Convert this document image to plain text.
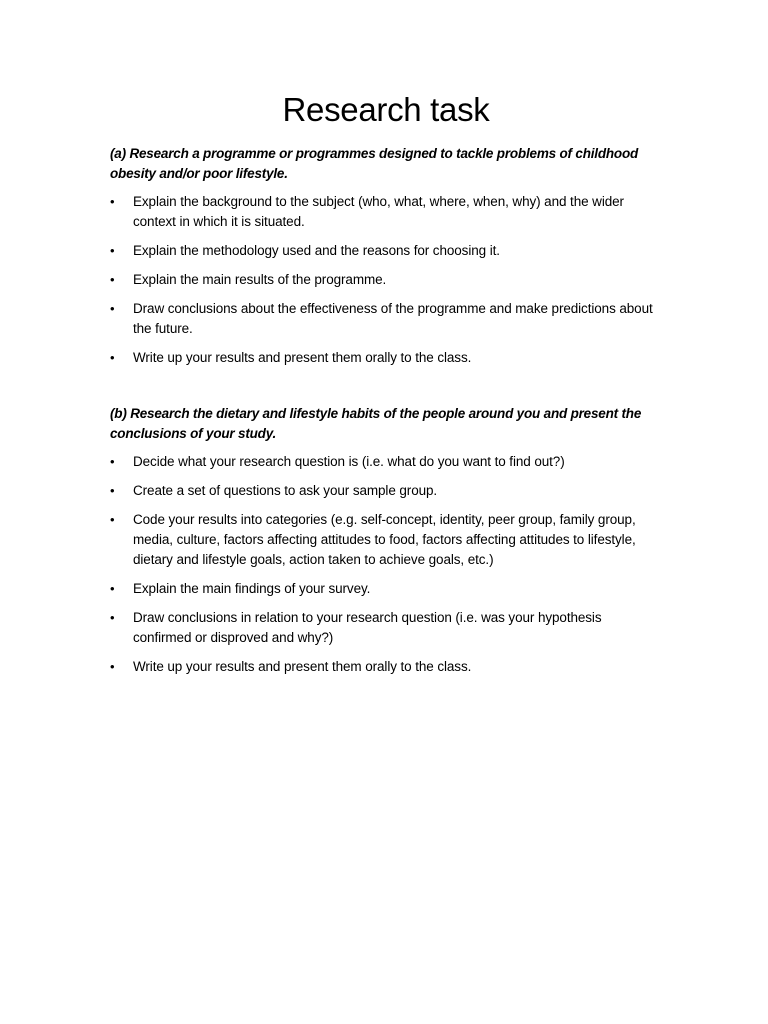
Research task

(a) Research a programme or programmes designed to tackle problems of childhood obesity and/or poor lifestyle.

•	Explain the background to the subject (who, what, where, when, why) and the wider context in which it is situated.
•	Explain the methodology used and the reasons for choosing it.
•	Explain the main results of the programme.
•	Draw conclusions about the effectiveness of the programme and make predictions about the future.
•	Write up your results and present them orally to the class.

(b) Research the dietary and lifestyle habits of the people around you and present the conclusions of your study.

•	Decide what your research question is (i.e. what do you want to find out?)
•	Create a set of questions to ask your sample group.
•	Code your results into categories (e.g. self-concept, identity, peer group, family group, media, culture, factors affecting attitudes to food, factors affecting attitudes to lifestyle, dietary and lifestyle goals, action taken to achieve goals, etc.)
•	Explain the main findings of your survey.
•	Draw conclusions in relation to your research question (i.e. was your hypothesis confirmed or disproved and why?)
•	Write up your results and present them orally to the class.
